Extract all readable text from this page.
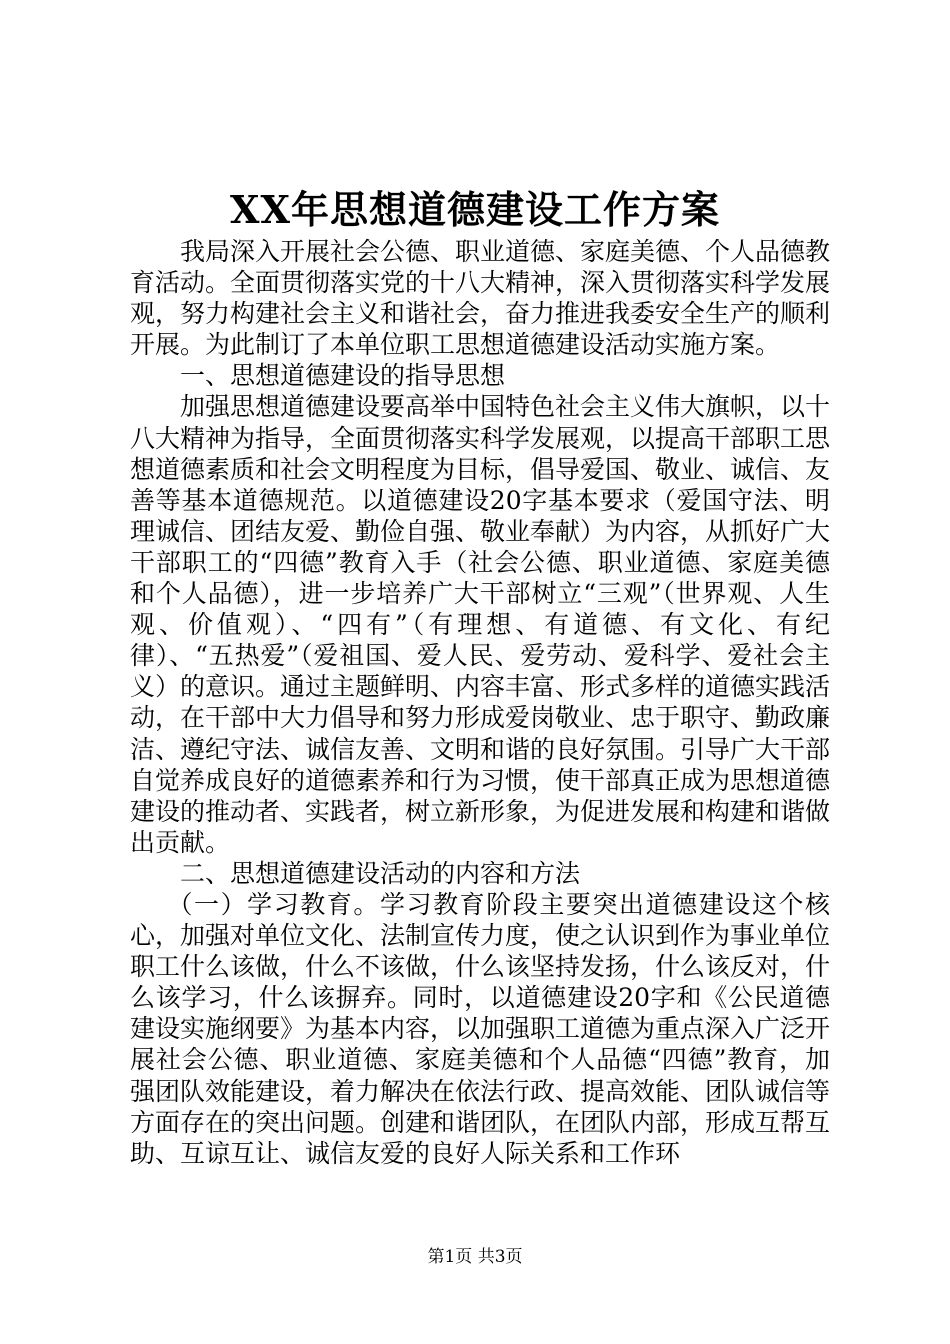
XX年思想道德建设工作方案

我局深入开展社会公德、职业道德、家庭美德、个人品德教育活动。全面贯彻落实党的十八大精神，深入贯彻落实科学发展观，努力构建社会主义和谐社会，奋力推进我委安全生产的顺利开展。为此制订了本单位职工思想道德建设活动实施方案。

一、思想道德建设的指导思想

加强思想道德建设要高举中国特色社会主义伟大旗帜，以十八大精神为指导，全面贯彻落实科学发展观，以提高干部职工思想道德素质和社会文明程度为目标，倡导爱国、敬业、诚信、友善等基本道德规范。以道德建设20字基本要求（爱国守法、明理诚信、团结友爱、勤俭自强、敬业奉献）为内容，从抓好广大干部职工的“四德”教育入手（社会公德、职业道德、家庭美德和个人品德），进一步培养广大干部树立“三观”（世界观、人生观、价值观）、“四有”（有理想、有道德、有文化、有纪律）、“五热爱”（爱祖国、爱人民、爱劳动、爱科学、爱社会主义）的意识。通过主题鲜明、内容丰富、形式多样的道德实践活动，在干部中大力倡导和努力形成爱岗敬业、忠于职守、勤政廉洁、遵纪守法、诚信友善、文明和谐的良好氛围。引导广大干部自觉养成良好的道德素养和行为习惯，使干部真正成为思想道德建设的推动者、实践者，树立新形象，为促进发展和构建和谐做出贡献。

二、思想道德建设活动的内容和方法

（一）学习教育。学习教育阶段主要突出道德建设这个核心，加强对单位文化、法制宣传力度，使之认识到作为事业单位职工什么该做，什么不该做，什么该坚持发扬，什么该反对，什么该学习，什么该摒弃。同时，以道德建设20字和《公民道德建设实施纲要》为基本内容，以加强职工道德为重点深入广泛开展社会公德、职业道德、家庭美德和个人品德“四德”教育，加强团队效能建设，着力解决在依法行政、提高效能、团队诚信等方面存在的突出问题。创建和谐团队，在团队内部，形成互帮互助、互谅互让、诚信友爱的良好人际关系和工作环

第1页 共3页
